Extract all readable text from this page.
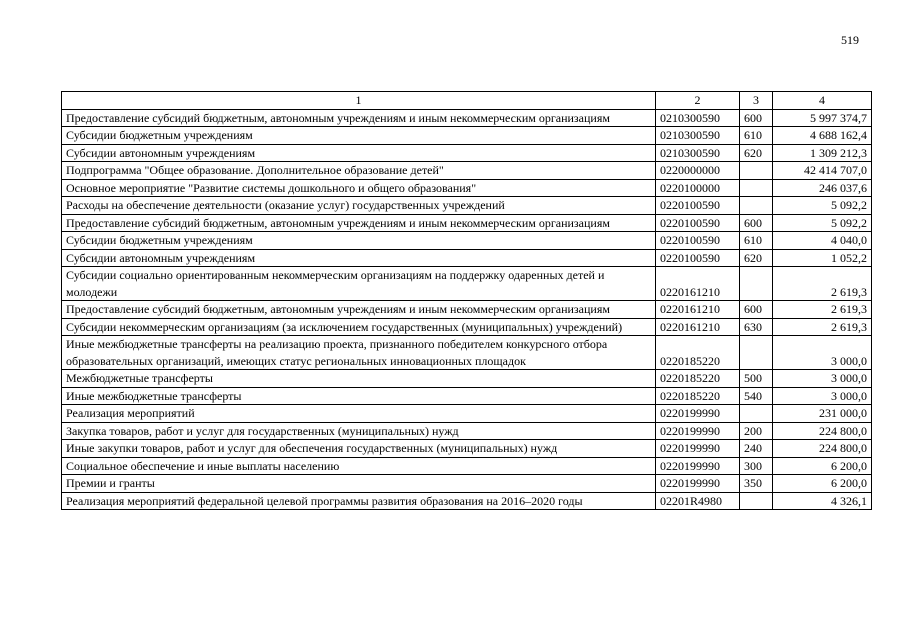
519
1	2	3	4
Предоставление субсидий бюджетным, автономным учреждениям и иным некоммерческим организациям	0210300590	600	5 997 374,7
Субсидии бюджетным учреждениям	0210300590	610	4 688 162,4
Субсидии автономным учреждениям	0210300590	620	1 309 212,3
Подпрограмма "Общее образование. Дополнительное образование детей"	0220000000		42 414 707,0
Основное мероприятие "Развитие системы дошкольного и общего образования"	0220100000		246 037,6
Расходы на обеспечение деятельности (оказание услуг) государственных учреждений	0220100590		5 092,2
Предоставление субсидий бюджетным, автономным учреждениям и иным некоммерческим организациям	0220100590	600	5 092,2
Субсидии бюджетным учреждениям	0220100590	610	4 040,0
Субсидии автономным учреждениям	0220100590	620	1 052,2
Субсидии социально ориентированным некоммерческим организациям на поддержку одаренных детей и молодежи	0220161210		2 619,3
Предоставление субсидий бюджетным, автономным учреждениям и иным некоммерческим организациям	0220161210	600	2 619,3
Субсидии некоммерческим организациям (за исключением государственных (муниципальных) учреждений)	0220161210	630	2 619,3
Иные межбюджетные трансферты на реализацию проекта, признанного победителем конкурсного отбора образовательных организаций, имеющих статус региональных инновационных площадок	0220185220		3 000,0
Межбюджетные трансферты	0220185220	500	3 000,0
Иные межбюджетные трансферты	0220185220	540	3 000,0
Реализация мероприятий	0220199990		231 000,0
Закупка товаров, работ и услуг для государственных (муниципальных) нужд	0220199990	200	224 800,0
Иные закупки товаров, работ и услуг для обеспечения государственных (муниципальных) нужд	0220199990	240	224 800,0
Социальное обеспечение и иные выплаты населению	0220199990	300	6 200,0
Премии и гранты	0220199990	350	6 200,0
Реализация мероприятий федеральной целевой программы развития образования на 2016–2020 годы	02201R4980		4 326,1
